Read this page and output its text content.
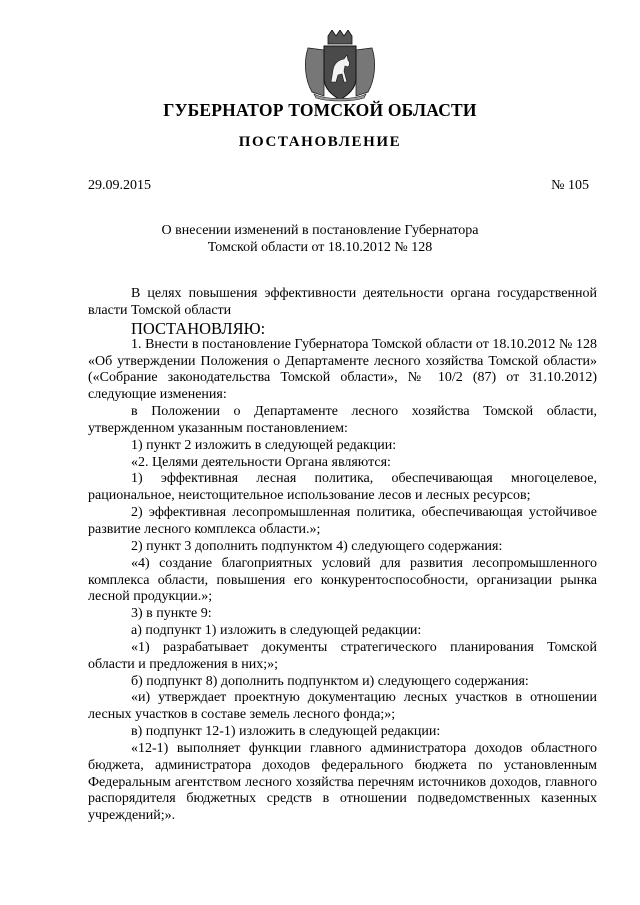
ГУБЕРНАТОР ТОМСКОЙ ОБЛАСТИ
ПОСТАНОВЛЕНИЕ
29.09.2015	№ 105
О внесении изменений в постановление Губернатора
Томской области от 18.10.2012 № 128

В целях повышения эффективности деятельности органа государственной власти Томской области

ПОСТАНОВЛЯЮ:

1. Внести в постановление Губернатора Томской области от 18.10.2012 № 128 «Об утверждении Положения о Департаменте лесного хозяйства Томской области» («Собрание законодательства Томской области», № 10/2 (87) от 31.10.2012) следующие изменения:

в Положении о Департаменте лесного хозяйства Томской области, утвержденном указанным постановлением:

1) пункт 2 изложить в следующей редакции:

«2. Целями деятельности Органа являются:

1) эффективная лесная политика, обеспечивающая многоцелевое, рациональное, неистощительное использование лесов и лесных ресурсов;

2) эффективная лесопромышленная политика, обеспечивающая устойчивое развитие лесного комплекса области.»;

2) пункт 3 дополнить подпунктом 4) следующего содержания:

«4) создание благоприятных условий для развития лесопромышленного комплекса области, повышения его конкурентоспособности, организации рынка лесной продукции.»;

3) в пункте 9:

а) подпункт 1) изложить в следующей редакции:

«1) разрабатывает документы стратегического планирования Томской области и предложения в них;»;

б) подпункт 8) дополнить подпунктом и) следующего содержания:

«и) утверждает проектную документацию лесных участков в отношении лесных участков в составе земель лесного фонда;»;

в) подпункт 12-1) изложить в следующей редакции:

«12-1) выполняет функции главного администратора доходов областного бюджета, администратора доходов федерального бюджета по установленным Федеральным агентством лесного хозяйства перечням источников доходов, главного распорядителя бюджетных средств в отношении подведомственных казенных учреждений;».
